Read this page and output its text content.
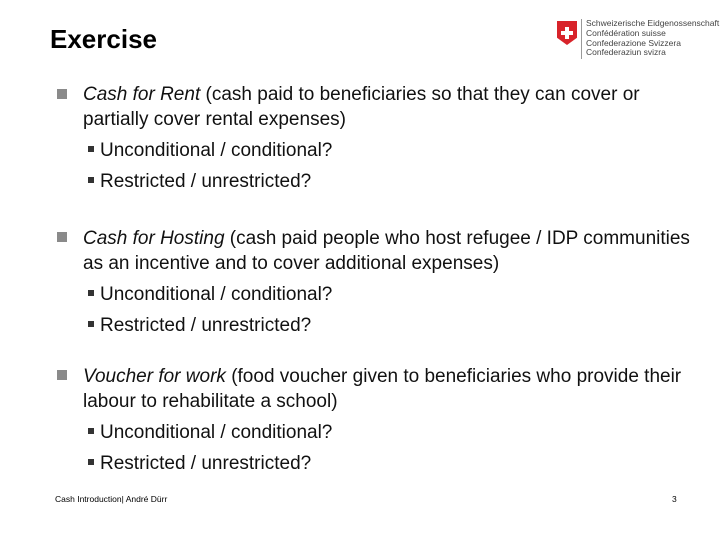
Exercise
Schweizerische Eidgenossenschaft
Confédération suisse
Confederazione Svizzera
Confederaziun svizra
Cash for Rent (cash paid to beneficiaries so that they can cover or partially cover rental expenses)
Unconditional / conditional?
Restricted / unrestricted?
Cash for Hosting (cash paid people who host refugee / IDP communities as an incentive and to cover additional expenses)
Unconditional / conditional?
Restricted / unrestricted?
Voucher for work (food voucher given to beneficiaries who provide their labour to rehabilitate a school)
Unconditional / conditional?
Restricted / unrestricted?
Cash Introduction| André Dürr	3
